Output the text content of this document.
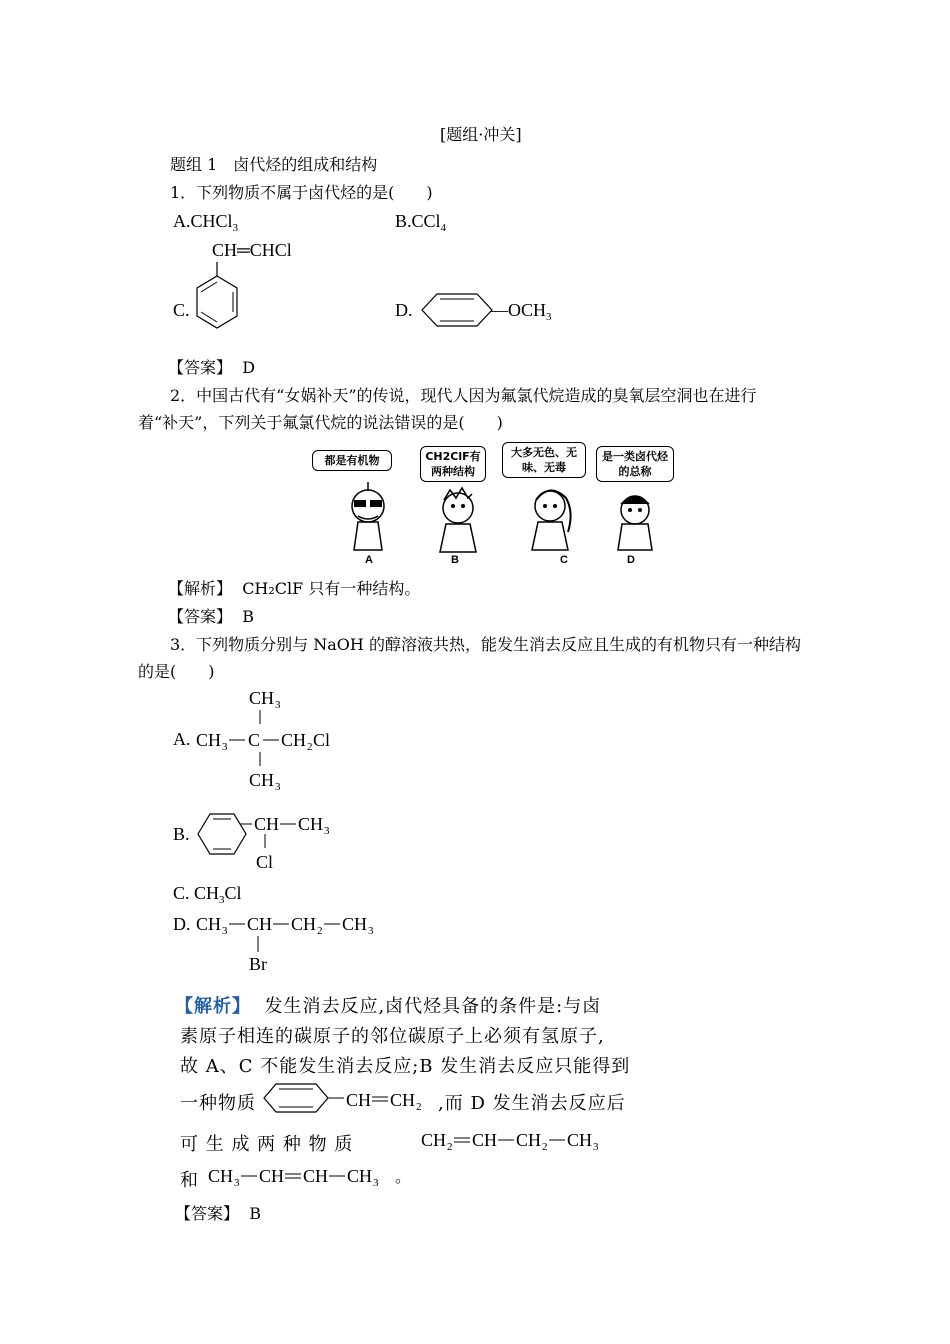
[题组·冲关]
题组 1　卤代烃的组成和结构
1．下列物质不属于卤代烃的是(　　)
A.CHCl$_3$	B.CCl$_4$
C.
CH═CHCl
D.	$—OCH_3$
【答案】 D
2．中国古代有“女娲补天”的传说，现代人因为氟氯代烷造成的臭氧层空洞也在进行
着“补天”，下列关于氟氯代烷的说法错误的是(　　)
都是有机物	CH2ClF有两种结构
大多无色、无味、无毒
是一类卤代烃的总称
A	B	C	D
【解析】 CH₂ClF 只有一种结构。
【答案】 B
3．下列物质分别与 NaOH 的醇溶液共热，能发生消去反应且生成的有机物只有一种结构
的是(　　)
A.
CH 3
CH 3 C CH 2 Cl
CH 3
B.	CH CH 3
Cl
C. $CH_3Cl$
D. CH 3 CH CH 2 CH 3
Br
【解析】 发生消去反应,卤代烃具备的条件是:与卤
素原子相连的碳原子的邻位碳原子上必须有氢原子,
故 A、C 不能发生消去反应;B 发生消去反应只能得到
一种物质	CH CH 2 ,而 D 发生消去反应后
可 生 成 两 种 物 质	CH 2 CH CH 2 CH 3
和 CH 3 CH CH CH 3 。
【答案】 B
